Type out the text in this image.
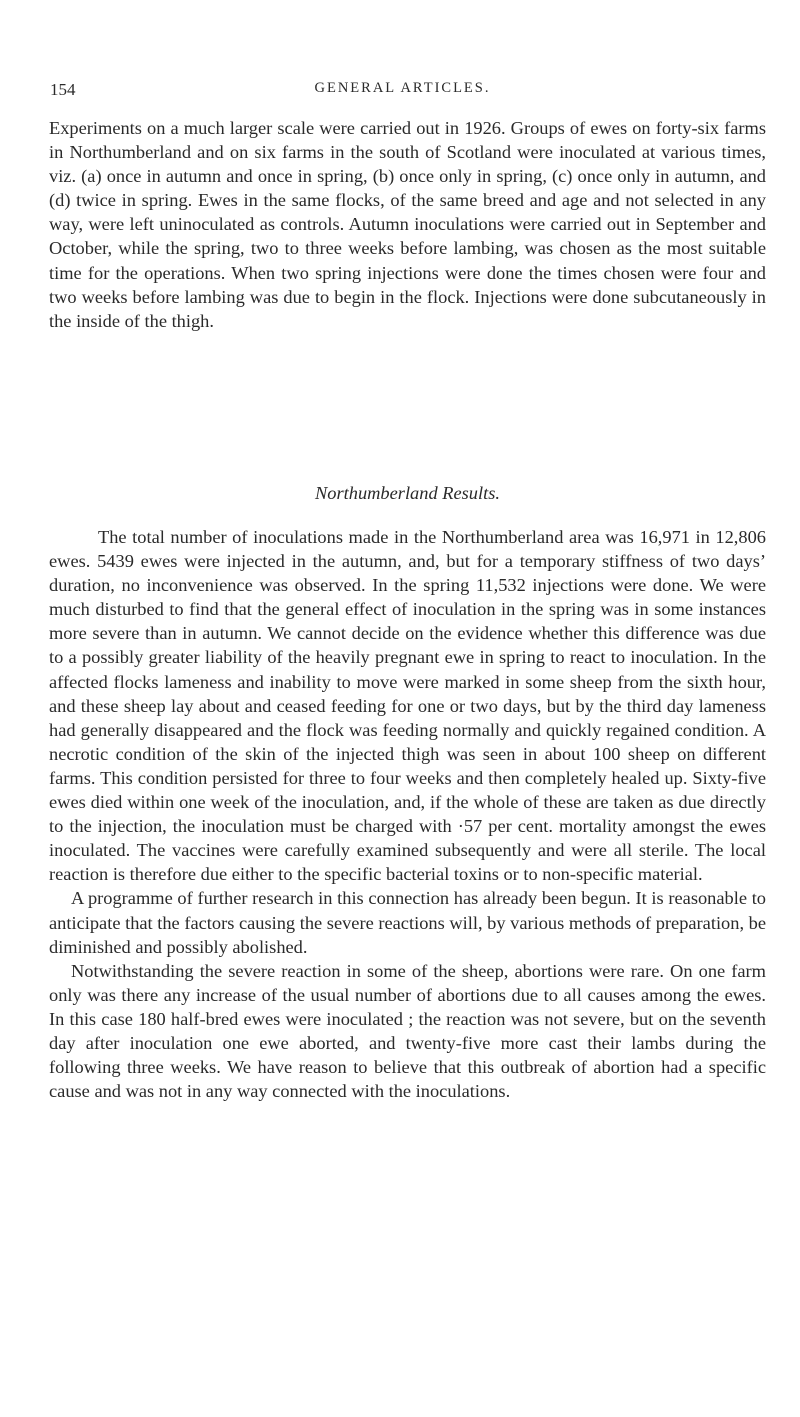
154	GENERAL ARTICLES.

Experiments on a much larger scale were carried out in 1926. Groups of ewes on forty-six farms in Northumberland and on six farms in the south of Scotland were inoculated at various times, viz. (a) once in autumn and once in spring, (b) once only in spring, (c) once only in autumn, and (d) twice in spring. Ewes in the same flocks, of the same breed and age and not selected in any way, were left uninoculated as controls. Autumn inoculations were carried out in September and October, while the spring, two to three weeks before lambing, was chosen as the most suitable time for the operations. When two spring injections were done the times chosen were four and two weeks before lambing was due to begin in the flock. Injections were done subcutaneously in the inside of the thigh.

Northumberland Results.

The total number of inoculations made in the Northumberland area was 16,971 in 12,806 ewes. 5439 ewes were injected in the autumn, and, but for a temporary stiffness of two days’ duration, no inconvenience was observed. In the spring 11,532 injections were done. We were much disturbed to find that the general effect of inoculation in the spring was in some instances more severe than in autumn. We cannot decide on the evidence whether this difference was due to a possibly greater liability of the heavily pregnant ewe in spring to react to inoculation. In the affected flocks lameness and inability to move were marked in some sheep from the sixth hour, and these sheep lay about and ceased feeding for one or two days, but by the third day lameness had generally disappeared and the flock was feeding normally and quickly regained condition. A necrotic condition of the skin of the injected thigh was seen in about 100 sheep on different farms. This condition persisted for three to four weeks and then completely healed up. Sixty-five ewes died within one week of the inoculation, and, if the whole of these are taken as due directly to the injection, the inoculation must be charged with ·57 per cent. mortality amongst the ewes inoculated. The vaccines were carefully examined subsequently and were all sterile. The local reaction is therefore due either to the specific bacterial toxins or to non-specific material.

A programme of further research in this connection has already been begun. It is reasonable to anticipate that the factors causing the severe reactions will, by various methods of preparation, be diminished and possibly abolished.

Notwithstanding the severe reaction in some of the sheep, abortions were rare. On one farm only was there any increase of the usual number of abortions due to all causes among the ewes. In this case 180 half-bred ewes were inoculated ; the reaction was not severe, but on the seventh day after inoculation one ewe aborted, and twenty-five more cast their lambs during the following three weeks. We have reason to believe that this outbreak of abortion had a specific cause and was not in any way connected with the inoculations.
